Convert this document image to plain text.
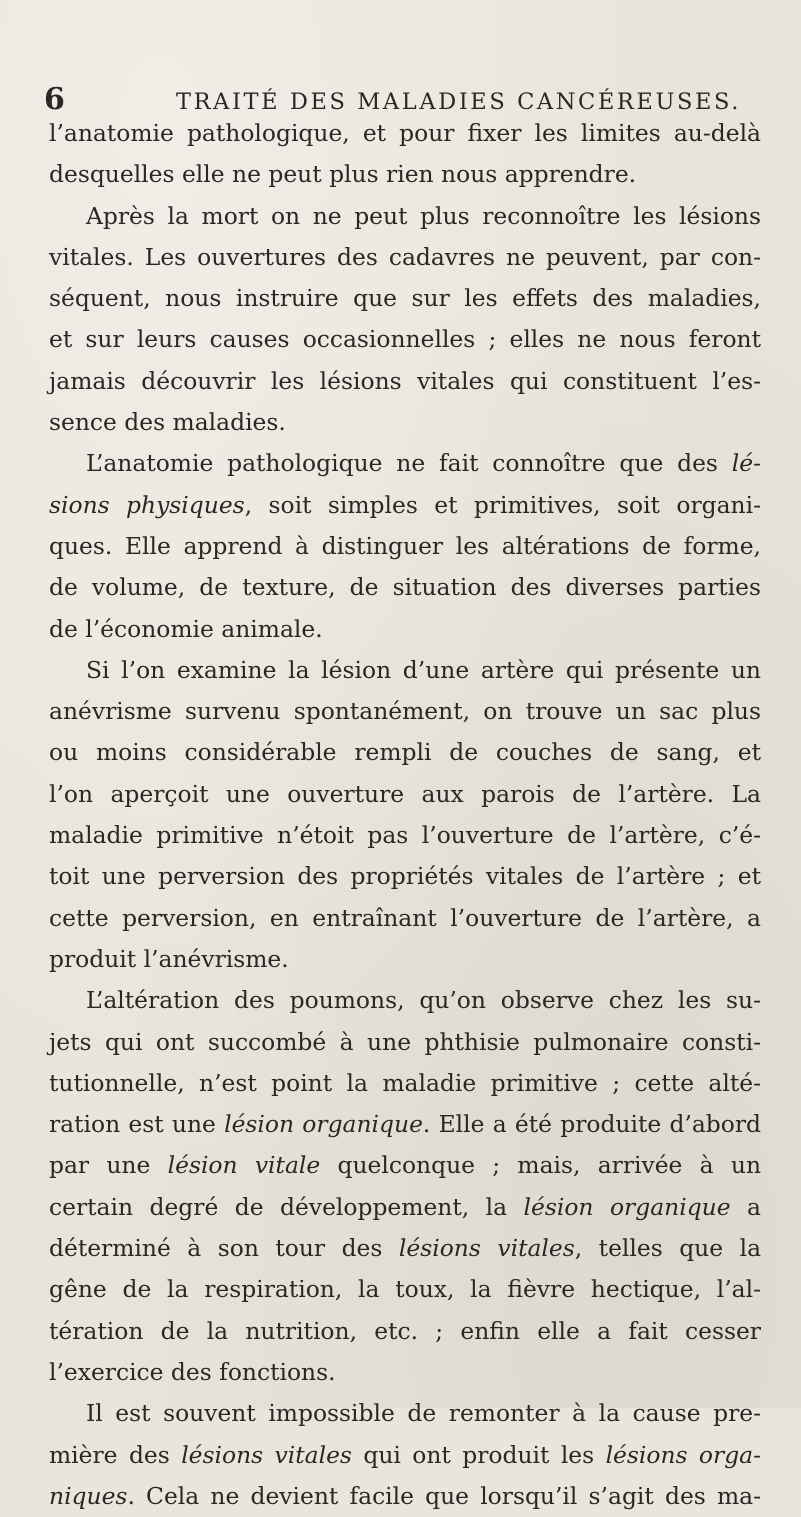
6	TRAITÉ DES MALADIES CANCÉREUSES.
l’anatomie pathologique, et pour fixer les limites au-delà
desquelles elle ne peut plus rien nous apprendre.
Après la mort on ne peut plus reconnoître les lésions
vitales. Les ouvertures des cadavres ne peuvent, par con-
séquent, nous instruire que sur les effets des maladies,
et sur leurs causes occasionnelles ; elles ne nous feront
jamais découvrir les lésions vitales qui constituent l’es-
sence des maladies.
L’anatomie pathologique ne fait connoître que des lé-
sions physiques, soit simples et primitives, soit organi-
ques. Elle apprend à distinguer les altérations de forme,
de volume, de texture, de situation des diverses parties
de l’économie animale.
Si l’on examine la lésion d’une artère qui présente un
anévrisme survenu spontanément, on trouve un sac plus
ou moins considérable rempli de couches de sang, et
l’on aperçoit une ouverture aux parois de l’artère. La
maladie primitive n’étoit pas l’ouverture de l’artère, c’é-
toit une perversion des propriétés vitales de l’artère ; et
cette perversion, en entraînant l’ouverture de l’artère, a
produit l’anévrisme.
L’altération des poumons, qu’on observe chez les su-
jets qui ont succombé à une phthisie pulmonaire consti-
tutionnelle, n’est point la maladie primitive ; cette alté-
ration est une lésion organique. Elle a été produite d’abord
par une lésion vitale quelconque ; mais, arrivée à un
certain degré de développement, la lésion organique a
déterminé à son tour des lésions vitales, telles que la
gêne de la respiration, la toux, la fièvre hectique, l’al-
tération de la nutrition, etc. ; enfin elle a fait cesser
l’exercice des fonctions.
Il est souvent impossible de remonter à la cause pre-
mière des lésions vitales qui ont produit les lésions orga-
niques. Cela ne devient facile que lorsqu’il s’agit des ma-
